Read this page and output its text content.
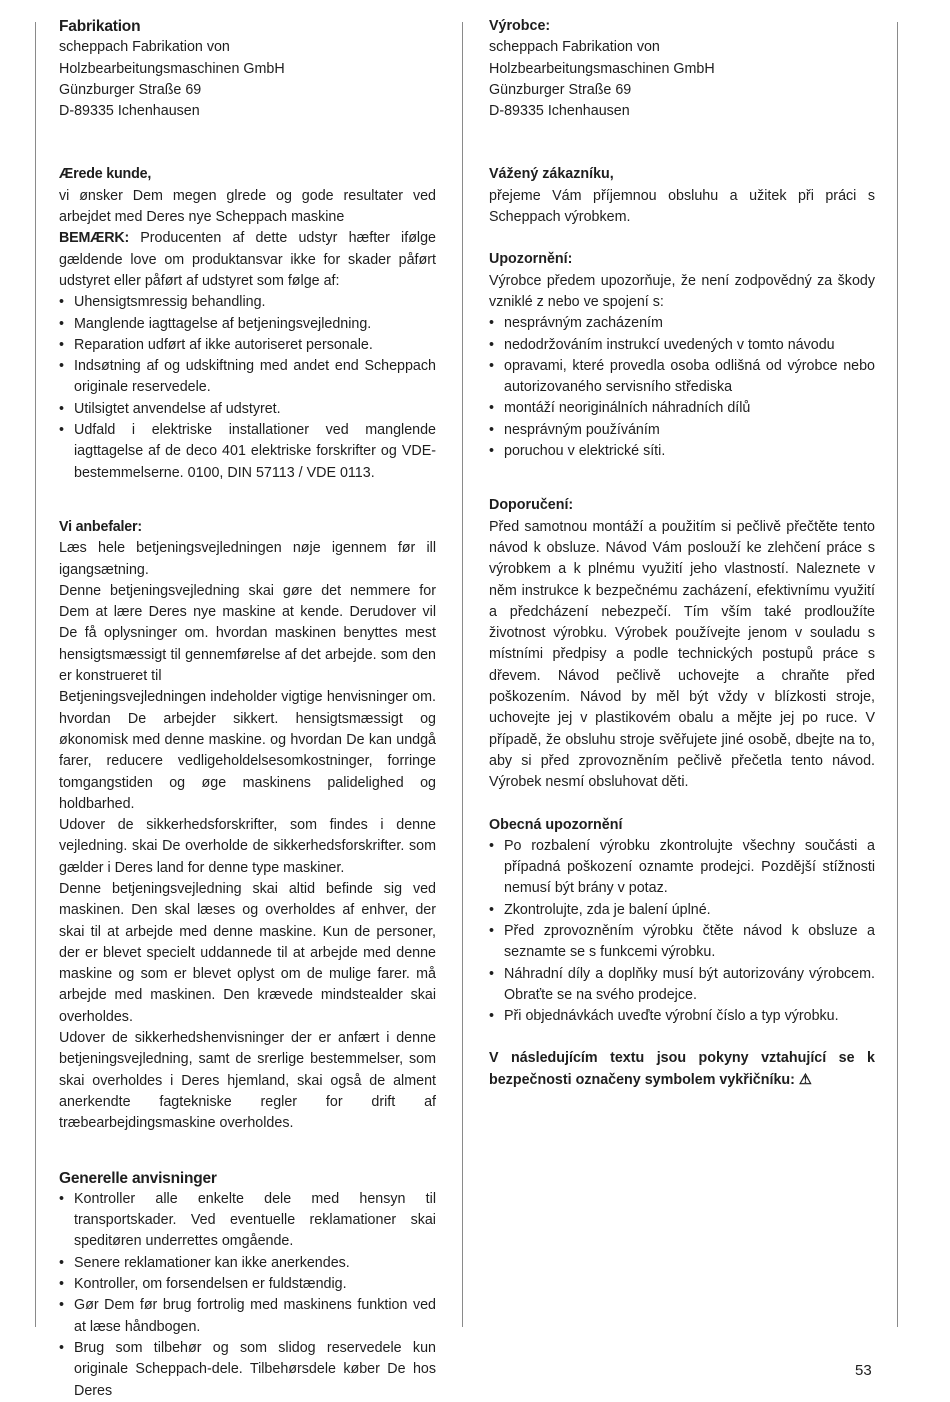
Fabrikation

scheppach Fabrikation von

Holzbearbeitungsmaschinen GmbH

Günzburger Straße 69

D-89335 Ichenhausen

Ærede kunde,

vi ønsker Dem megen glrede og gode resultater ved arbejdet med Deres nye Scheppach maskine

BEMÆRK: Producenten af dette udstyr hæfter ifølge gældende love om produktansvar ikke for skader påført udstyret eller påført af udstyret som følge af:

• Uhensigtsmressig behandling.
• Manglende iagttagelse af betjeningsvejledning.
• Reparation udført af ikke autoriseret personale.
• Indsøtning af og udskiftning med andet end Scheppach originale reservedele.
• Utilsigtet anvendelse af udstyret.
• Udfald i elektriske installationer ved manglende iagttagelse af de deco 401 elektriske forskrifter og VDE-bestemmelserne. 0100, DIN 57113 / VDE 0113.

Vi anbefaler:

Læs hele betjeningsvejledningen nøje igennem før ill igangsætning.

Denne betjeningsvejledning skai gøre det nemmere for Dem at lære Deres nye maskine at kende. Derudover vil De få oplysninger om. hvordan maskinen benyttes mest hensigtsmæssigt til gennemførelse af det arbejde. som den er konstrueret til

Betjeningsvejledningen indeholder vigtige henvisninger om. hvordan De arbejder sikkert. hensigtsmæssigt og økonomisk med denne maskine. og hvordan De kan undgå farer, reducere vedligeholdelsesomkostninger, forringe tomgangstiden og øge maskinens palidelighed og holdbarhed.

Udover de sikkerhedsforskrifter, som findes i denne vejledning. skai De overholde de sikkerhedsforskrifter. som gælder i Deres land for denne type maskiner.

Denne betjeningsvejledning skai altid befinde sig ved maskinen. Den skal læses og overholdes af enhver, der skai til at arbejde med denne maskine. Kun de personer, der er blevet specielt uddannede til at arbejde med denne maskine og som er blevet oplyst om de mulige farer. må arbejde med maskinen. Den krævede mindstealder skai overholdes.

Udover de sikkerhedshenvisninger der er anfært i denne betjeningsvejledning, samt de srerlige bestemmelser, som skai overholdes i Deres hjemland, skai også de alment anerkendte fagtekniske regler for drift af træbearbejdingsmaskine overholdes.

Generelle anvisninger

• Kontroller alle enkelte dele med hensyn til transportskader. Ved eventuelle reklamationer skai speditøren underrettes omgående.
• Senere reklamationer kan ikke anerkendes.
• Kontroller, om forsendelsen er fuldstændig.
• Gør Dem før brug fortrolig med maskinens funktion ved at læse håndbogen.
• Brug som tilbehør og som slidog reservedele kun originale Scheppach-dele. Tilbehørsdele køber De hos Deres

Výrobce:

scheppach Fabrikation von

Holzbearbeitungsmaschinen GmbH

Günzburger Straße 69

D-89335 Ichenhausen

Vážený zákazníku,

přejeme Vám příjemnou obsluhu a užitek při práci s Scheppach výrobkem.

Upozornění:

Výrobce předem upozorňuje, že není zodpovědný za škody vzniklé z nebo ve spojení s:

• nesprávným zacházením
• nedodržováním instrukcí uvedených v tomto návodu
• opravami, které provedla osoba odlišná od výrobce nebo autorizovaného servisního střediska
• montáží neoriginálních náhradních dílů
• nesprávným používáním
• poruchou v elektrické síti.

Doporučení:

Před samotnou montáží a použitím si pečlivě přečtěte tento návod k obsluze. Návod Vám poslouží ke zlehčení práce s výrobkem a k plnému využití jeho vlastností. Naleznete v něm instrukce k bezpečnému zacházení, efektivnímu využití a předcházení nebezpečí. Tím vším také prodloužíte životnost výrobku. Výrobek používejte jenom v souladu s místními předpisy a podle technických postupů práce s dřevem. Návod pečlivě uchovejte a chraňte před poškozením. Návod by měl být vždy v blízkosti stroje, uchovejte jej v plastikovém obalu a mějte jej po ruce. V případě, že obsluhu stroje svěřujete jiné osobě, dbejte na to, aby si před zprovozněním pečlivě přečetla tento návod. Výrobek nesmí obsluhovat děti.

Obecná upozornění

• Po rozbalení výrobku zkontrolujte všechny součásti a případná poškození oznamte prodejci. Pozdější stížnosti nemusí být brány v potaz.
• Zkontrolujte, zda je balení úplné.
• Před zprovozněním výrobku čtěte návod k obsluze a seznamte se s funkcemi výrobku.
• Náhradní díly a doplňky musí být autorizovány výrobcem. Obraťte se na svého prodejce.
• Při objednávkách uveďte výrobní číslo a typ výrobku.

V následujícím textu jsou pokyny vztahující se k bezpečnosti označeny symbolem vykřičníku: ⚠

53
